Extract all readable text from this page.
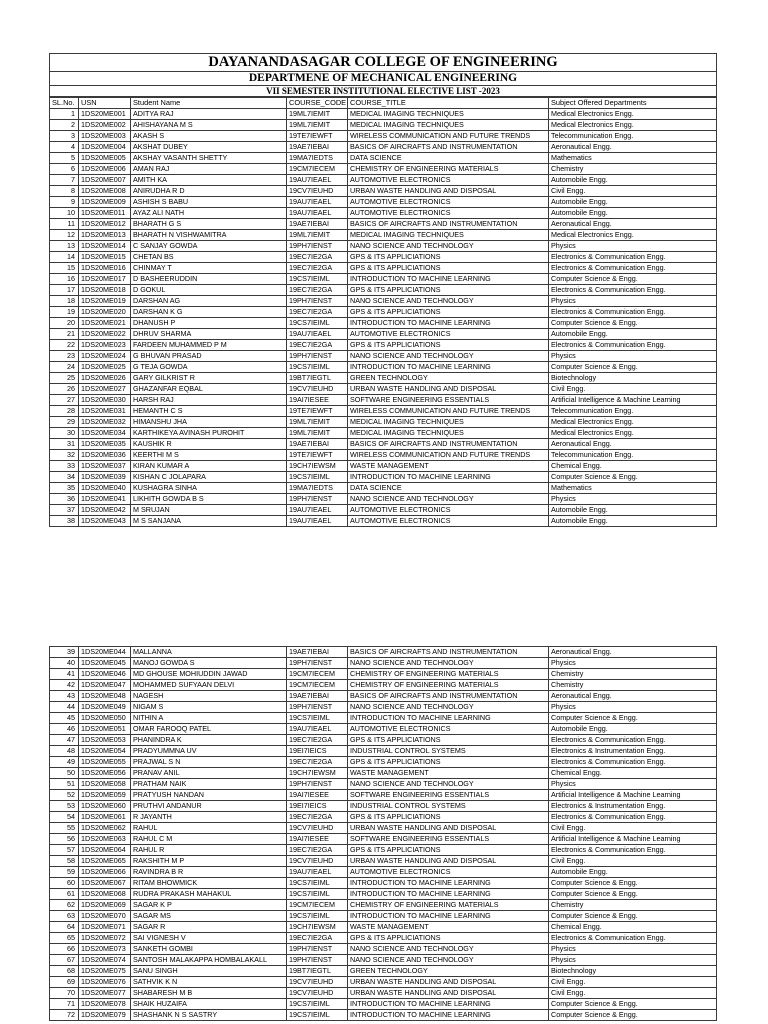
DAYANANDASAGAR COLLEGE OF ENGINEERING
DEPARTMENE OF MECHANICAL ENGINEERING
VII SEMESTER INSTITUTIONAL ELECTIVE LIST -2023
SL.No.	USN	Student Name	COURSE_CODE	COURSE_TITLE	Subject Offered Departments
1	1DS20ME001	ADITYA RAJ	19ML7IEMIT	MEDICAL IMAGING TECHNIQUES	Medical Electronics Engg.
2	1DS20ME002	AHISHAYANA M S	19ML7IEMIT	MEDICAL IMAGING TECHNIQUES	Medical Electronics Engg.
3	1DS20ME003	AKASH S	19TE7IEWFT	WIRELESS COMMUNICATION AND FUTURE TRENDS	Telecommunication Engg.
4	1DS20ME004	AKSHAT DUBEY	19AE7IEBAI	BASICS OF AIRCRAFTS AND INSTRUMENTATION	Aeronautical Engg.
5	1DS20ME005	AKSHAY VASANTH SHETTY	19MA7IEDTS	DATA SCIENCE	Mathematics
6	1DS20ME006	AMAN RAJ	19CM7IECEM	CHEMISTRY OF ENGINEERING MATERIALS	Chemistry
7	1DS20ME007	AMITH KA	19AU7IEAEL	AUTOMOTIVE ELECTRONICS	Automobile Engg.
8	1DS20ME008	ANIRUDHA R D	19CV7IEUHD	URBAN WASTE HANDLING AND DISPOSAL	Civil Engg.
9	1DS20ME009	ASHISH S BABU	19AU7IEAEL	AUTOMOTIVE ELECTRONICS	Automobile Engg.
10	1DS20ME011	AYAZ ALI NATH	19AU7IEAEL	AUTOMOTIVE ELECTRONICS	Automobile Engg.
11	1DS20ME012	BHARATH G S	19AE7IEBAI	BASICS OF AIRCRAFTS AND INSTRUMENTATION	Aeronautical Engg.
12	1DS20ME013	BHARATH N VISHWAMITRA	19ML7IEMIT	MEDICAL IMAGING TECHNIQUES	Medical Electronics Engg.
13	1DS20ME014	C SANJAY GOWDA	19PH7IENST	NANO SCIENCE AND TECHNOLOGY	Physics
14	1DS20ME015	CHETAN BS	19EC7IE2GA	GPS & ITS APPLICIATIONS	Electronics & Communication Engg.
15	1DS20ME016	CHINMAY T	19EC7IE2GA	GPS & ITS APPLICIATIONS	Electronics & Communication Engg.
16	1DS20ME017	D BASHEERUDDIN	19CS7IEIML	INTRODUCTION TO MACHINE LEARNING	Computer Science & Engg.
17	1DS20ME018	D GOKUL	19EC7IE2GA	GPS & ITS APPLICIATIONS	Electronics & Communication Engg.
18	1DS20ME019	DARSHAN AG	19PH7IENST	NANO SCIENCE AND TECHNOLOGY	Physics
19	1DS20ME020	DARSHAN K G	19EC7IE2GA	GPS & ITS APPLICIATIONS	Electronics & Communication Engg.
20	1DS20ME021	DHANUSH P	19CS7IEIML	INTRODUCTION TO MACHINE LEARNING	Computer Science & Engg.
21	1DS20ME022	DHRUV SHARMA	19AU7IEAEL	AUTOMOTIVE ELECTRONICS	Automobile Engg.
22	1DS20ME023	FARDEEN MUHAMMED P M	19EC7IE2GA	GPS & ITS APPLICIATIONS	Electronics & Communication Engg.
23	1DS20ME024	G BHUVAN PRASAD	19PH7IENST	NANO SCIENCE AND TECHNOLOGY	Physics
24	1DS20ME025	G TEJA GOWDA	19CS7IEIML	INTRODUCTION TO MACHINE LEARNING	Computer Science & Engg.
25	1DS20ME026	GARY GILKRIST R	19BT7IEGTL	GREEN TECHNOLOGY	Biotechnology
26	1DS20ME027	GHAZANFAR EQBAL	19CV7IEUHD	URBAN WASTE HANDLING AND DISPOSAL	Civil Engg.
27	1DS20ME030	HARSH RAJ	19AI7IESEE	SOFTWARE ENGINEERING ESSENTIALS	Artificial Intelligence & Machine Learning
28	1DS20ME031	HEMANTH C S	19TE7IEWFT	WIRELESS COMMUNICATION AND FUTURE TRENDS	Telecommunication Engg.
29	1DS20ME032	HIMANSHU JHA	19ML7IEMIT	MEDICAL IMAGING TECHNIQUES	Medical Electronics Engg.
30	1DS20ME034	KARTHIKEYA AVINASH PUROHIT	19ML7IEMIT	MEDICAL IMAGING TECHNIQUES	Medical Electronics Engg.
31	1DS20ME035	KAUSHIK R	19AE7IEBAI	BASICS OF AIRCRAFTS AND INSTRUMENTATION	Aeronautical Engg.
32	1DS20ME036	KEERTHI M S	19TE7IEWFT	WIRELESS COMMUNICATION AND FUTURE TRENDS	Telecommunication Engg.
33	1DS20ME037	KIRAN KUMAR A	19CH7IEWSM	WASTE MANAGEMENT	Chemical Engg.
34	1DS20ME039	KISHAN C JOLAPARA	19CS7IEIML	INTRODUCTION TO MACHINE LEARNING	Computer Science & Engg.
35	1DS20ME040	KUSHAGRA SINHA	19MA7IEDTS	DATA SCIENCE	Mathematics
36	1DS20ME041	LIKHITH GOWDA B S	19PH7IENST	NANO SCIENCE AND TECHNOLOGY	Physics
37	1DS20ME042	M SRUJAN	19AU7IEAEL	AUTOMOTIVE ELECTRONICS	Automobile Engg.
38	1DS20ME043	M S SANJANA	19AU7IEAEL	AUTOMOTIVE ELECTRONICS	Automobile Engg.
39	1DS20ME044	MALLANNA	19AE7IEBAI	BASICS OF AIRCRAFTS AND INSTRUMENTATION	Aeronautical Engg.
40	1DS20ME045	MANOJ GOWDA S	19PH7IENST	NANO SCIENCE AND TECHNOLOGY	Physics
41	1DS20ME046	MD GHOUSE MOHIUDDIN JAWAD	19CM7IECEM	CHEMISTRY OF ENGINEERING MATERIALS	Chemistry
42	1DS20ME047	MOHAMMED SUFYAAN DELVI	19CM7IECEM	CHEMISTRY OF ENGINEERING MATERIALS	Chemistry
43	1DS20ME048	NAGESH	19AE7IEBAI	BASICS OF AIRCRAFTS AND INSTRUMENTATION	Aeronautical Engg.
44	1DS20ME049	NIGAM S	19PH7IENST	NANO SCIENCE AND TECHNOLOGY	Physics
45	1DS20ME050	NITHIN A	19CS7IEIML	INTRODUCTION TO MACHINE LEARNING	Computer Science & Engg.
46	1DS20ME051	OMAR FAROOQ PATEL	19AU7IEAEL	AUTOMOTIVE ELECTRONICS	Automobile Engg.
47	1DS20ME053	PHANINDRA K	19EC7IE2GA	GPS & ITS APPLICIATIONS	Electronics & Communication Engg.
48	1DS20ME054	PRADYUMMNA UV	19EI7IEICS	INDUSTRIAL CONTROL SYSTEMS	Electronics & Instrumentation Engg.
49	1DS20ME055	PRAJWAL S N	19EC7IE2GA	GPS & ITS APPLICIATIONS	Electronics & Communication Engg.
50	1DS20ME056	PRANAV ANIL	19CH7IEWSM	WASTE MANAGEMENT	Chemical Engg.
51	1DS20ME058	PRATHAM NAIK	19PH7IENST	NANO SCIENCE AND TECHNOLOGY	Physics
52	1DS20ME059	PRATYUSH NANDAN	19AI7IESEE	SOFTWARE ENGINEERING ESSENTIALS	Artificial Intelligence & Machine Learning
53	1DS20ME060	PRUTHVI ANDANUR	19EI7IEICS	INDUSTRIAL CONTROL SYSTEMS	Electronics & Instrumentation Engg.
54	1DS20ME061	R JAYANTH	19EC7IE2GA	GPS & ITS APPLICIATIONS	Electronics & Communication Engg.
55	1DS20ME062	RAHUL	19CV7IEUHD	URBAN WASTE HANDLING AND DISPOSAL	Civil Engg.
56	1DS20ME063	RAHUL C M	19AI7IESEE	SOFTWARE ENGINEERING ESSENTIALS	Artificial Intelligence & Machine Learning
57	1DS20ME064	RAHUL R	19EC7IE2GA	GPS & ITS APPLICIATIONS	Electronics & Communication Engg.
58	1DS20ME065	RAKSHITH M P	19CV7IEUHD	URBAN WASTE HANDLING AND DISPOSAL	Civil Engg.
59	1DS20ME066	RAVINDRA B R	19AU7IEAEL	AUTOMOTIVE ELECTRONICS	Automobile Engg.
60	1DS20ME067	RITAM BHOWMICK	19CS7IEIML	INTRODUCTION TO MACHINE LEARNING	Computer Science & Engg.
61	1DS20ME068	RUDRA PRAKASH MAHAKUL	19CS7IEIML	INTRODUCTION TO MACHINE LEARNING	Computer Science & Engg.
62	1DS20ME069	SAGAR K P	19CM7IECEM	CHEMISTRY OF ENGINEERING MATERIALS	Chemistry
63	1DS20ME070	SAGAR MS	19CS7IEIML	INTRODUCTION TO MACHINE LEARNING	Computer Science & Engg.
64	1DS20ME071	SAGAR R	19CH7IEWSM	WASTE MANAGEMENT	Chemical Engg.
65	1DS20ME072	SAI VIGNESH V	19EC7IE2GA	GPS & ITS APPLICIATIONS	Electronics & Communication Engg.
66	1DS20ME073	SANKETH GOMBI	19PH7IENST	NANO SCIENCE AND TECHNOLOGY	Physics
67	1DS20ME074	SANTOSH MALAKAPPA HOMBALAKALL	19PH7IENST	NANO SCIENCE AND TECHNOLOGY	Physics
68	1DS20ME075	SANU SINGH	19BT7IEGTL	GREEN TECHNOLOGY	Biotechnology
69	1DS20ME076	SATHVIK K N	19CV7IEUHD	URBAN WASTE HANDLING AND DISPOSAL	Civil Engg.
70	1DS20ME077	SHABARESH M B	19CV7IEUHD	URBAN WASTE HANDLING AND DISPOSAL	Civil Engg.
71	1DS20ME078	SHAIK HUZAIFA	19CS7IEIML	INTRODUCTION TO MACHINE LEARNING	Computer Science & Engg.
72	1DS20ME079	SHASHANK N S SASTRY	19CS7IEIML	INTRODUCTION TO MACHINE LEARNING	Computer Science & Engg.
